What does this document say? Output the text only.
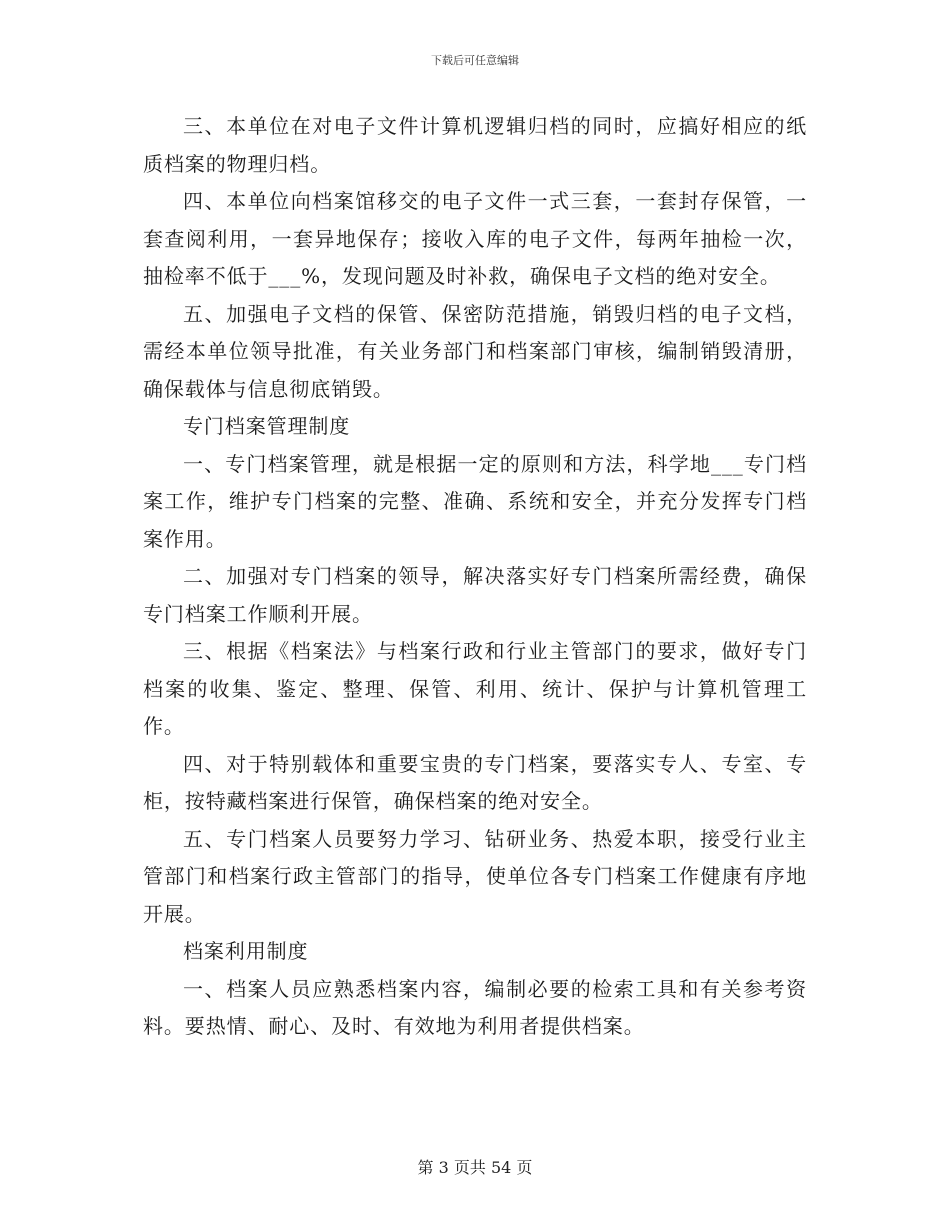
下载后可任意编辑

三、本单位在对电子文件计算机逻辑归档的同时，应搞好相应的纸质档案的物理归档。

四、本单位向档案馆移交的电子文件一式三套，一套封存保管，一套查阅利用，一套异地保存；接收入库的电子文件，每两年抽检一次，抽检率不低于___%，发现问题及时补救，确保电子文档的绝对安全。

五、加强电子文档的保管、保密防范措施，销毁归档的电子文档，需经本单位领导批准，有关业务部门和档案部门审核，编制销毁清册，确保载体与信息彻底销毁。

专门档案管理制度

一、专门档案管理，就是根据一定的原则和方法，科学地___专门档案工作，维护专门档案的完整、准确、系统和安全，并充分发挥专门档案作用。

二、加强对专门档案的领导，解决落实好专门档案所需经费，确保专门档案工作顺利开展。

三、根据《档案法》与档案行政和行业主管部门的要求，做好专门档案的收集、鉴定、整理、保管、利用、统计、保护与计算机管理工作。

四、对于特别载体和重要宝贵的专门档案，要落实专人、专室、专柜，按特藏档案进行保管，确保档案的绝对安全。

五、专门档案人员要努力学习、钻研业务、热爱本职，接受行业主管部门和档案行政主管部门的指导，使单位各专门档案工作健康有序地开展。

档案利用制度

一、档案人员应熟悉档案内容，编制必要的检索工具和有关参考资料。要热情、耐心、及时、有效地为利用者提供档案。

第 3 页共 54 页
